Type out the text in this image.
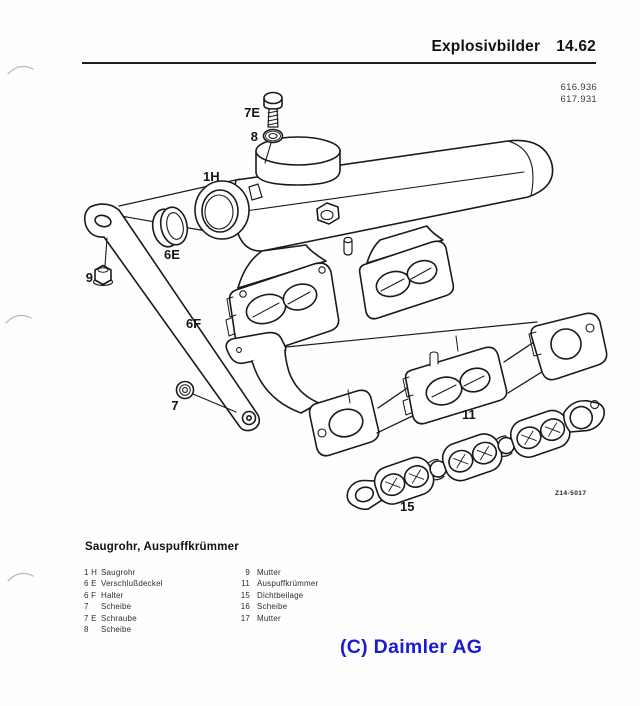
7E
8
1H
6E
9
6F
7
11
15
Z14-5017
Explosivbilder 14.62
616.936
617.931
Saugrohr, Auspuffkrümmer
1 H Saugrohr
6 E Verschlußdeckel
6 F Halter
7	Scheibe
7 E Schraube
8	Scheibe
9 Mutter
11 Auspuffkrümmer
15 Dichtbeilage
16 Scheibe
17 Mutter
(C) Daimler AG
